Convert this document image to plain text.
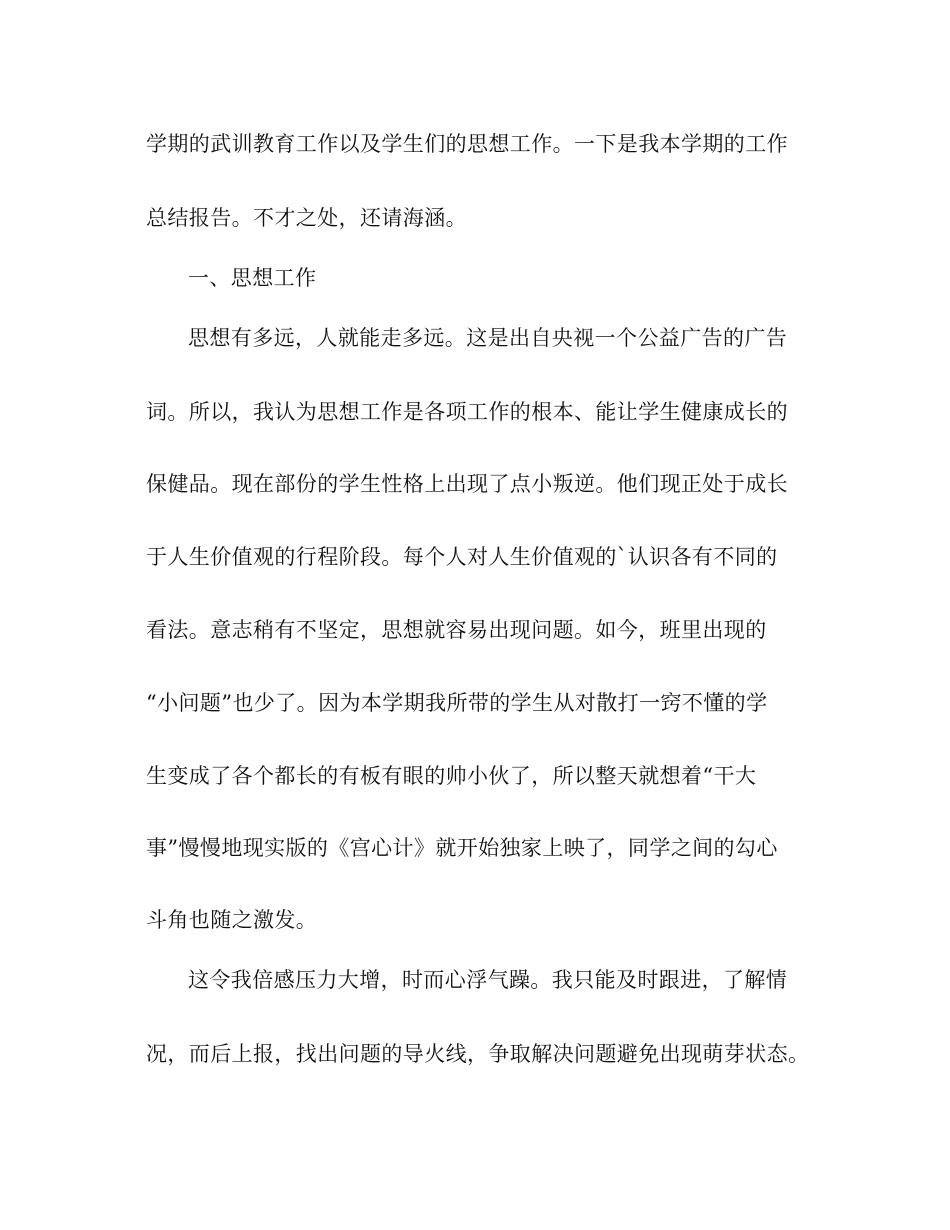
学期的武训教育工作以及学生们的思想工作。一下是我本学期的工作
总结报告。不才之处，还请海涵。
一、思想工作
思想有多远，人就能走多远。这是出自央视一个公益广告的广告
词。所以，我认为思想工作是各项工作的根本、能让学生健康成长的
保健品。现在部份的学生性格上出现了点小叛逆。他们现正处于成长
于人生价值观的行程阶段。每个人对人生价值观的`认识各有不同的
看法。意志稍有不坚定，思想就容易出现问题。如今，班里出现的
“小问题”也少了。因为本学期我所带的学生从对散打一窍不懂的学
生变成了各个都长的有板有眼的帅小伙了，所以整天就想着“干大
事”慢慢地现实版的《宫心计》就开始独家上映了，同学之间的勾心
斗角也随之激发。
这令我倍感压力大增，时而心浮气躁。我只能及时跟进，了解情
况，而后上报，找出问题的导火线，争取解决问题避免出现萌芽状态。
